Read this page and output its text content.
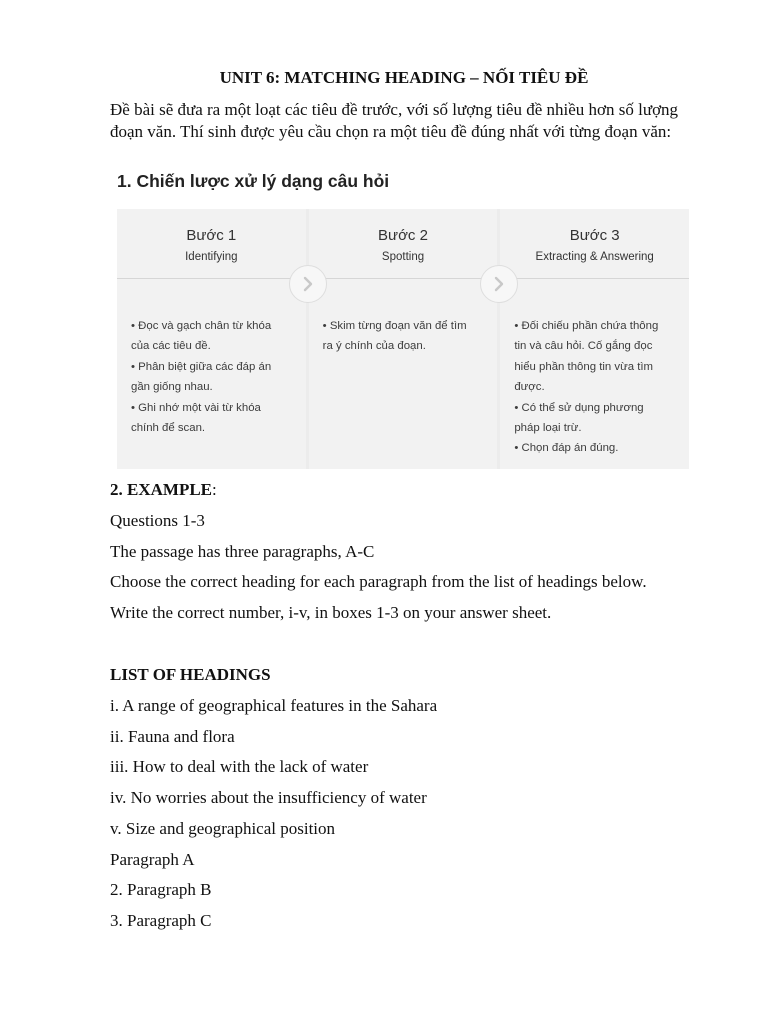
UNIT 6: MATCHING HEADING – NỐI TIÊU ĐỀ
Đề bài sẽ đưa ra một loạt các tiêu đề trước, với số lượng tiêu đề nhiều hơn số lượng đoạn văn. Thí sinh được yêu cầu chọn ra một tiêu đề đúng nhất với từng đoạn văn:
1. Chiến lược xử lý dạng câu hỏi
Bước 1
Identifying

• Đọc và gạch chân từ khóa

của các tiêu đề.

• Phân biệt giữa các đáp án

gần giống nhau.

• Ghi nhớ một vài từ khóa

chính để scan.

Bước 2
Spotting

• Skim từng đoạn văn để tìm

ra ý chính của đoạn.

Bước 3
Extracting & Answering

• Đối chiếu phần chứa thông

tin và câu hỏi. Cố gắng đọc

hiểu phần thông tin vừa tìm

được.

• Có thể sử dụng phương

pháp loại trừ.

• Chọn đáp án đúng.

2. EXAMPLE:
Questions 1-3
The passage has three paragraphs, A-C
Choose the correct heading for each paragraph from the list of headings below.
Write the correct number, i-v, in boxes 1-3 on your answer sheet.
LIST OF HEADINGS
i. A range of geographical features in the Sahara
ii. Fauna and flora
iii. How to deal with the lack of water
iv. No worries about the insufficiency of water
v. Size and geographical position
Paragraph A
2. Paragraph B
3. Paragraph C
